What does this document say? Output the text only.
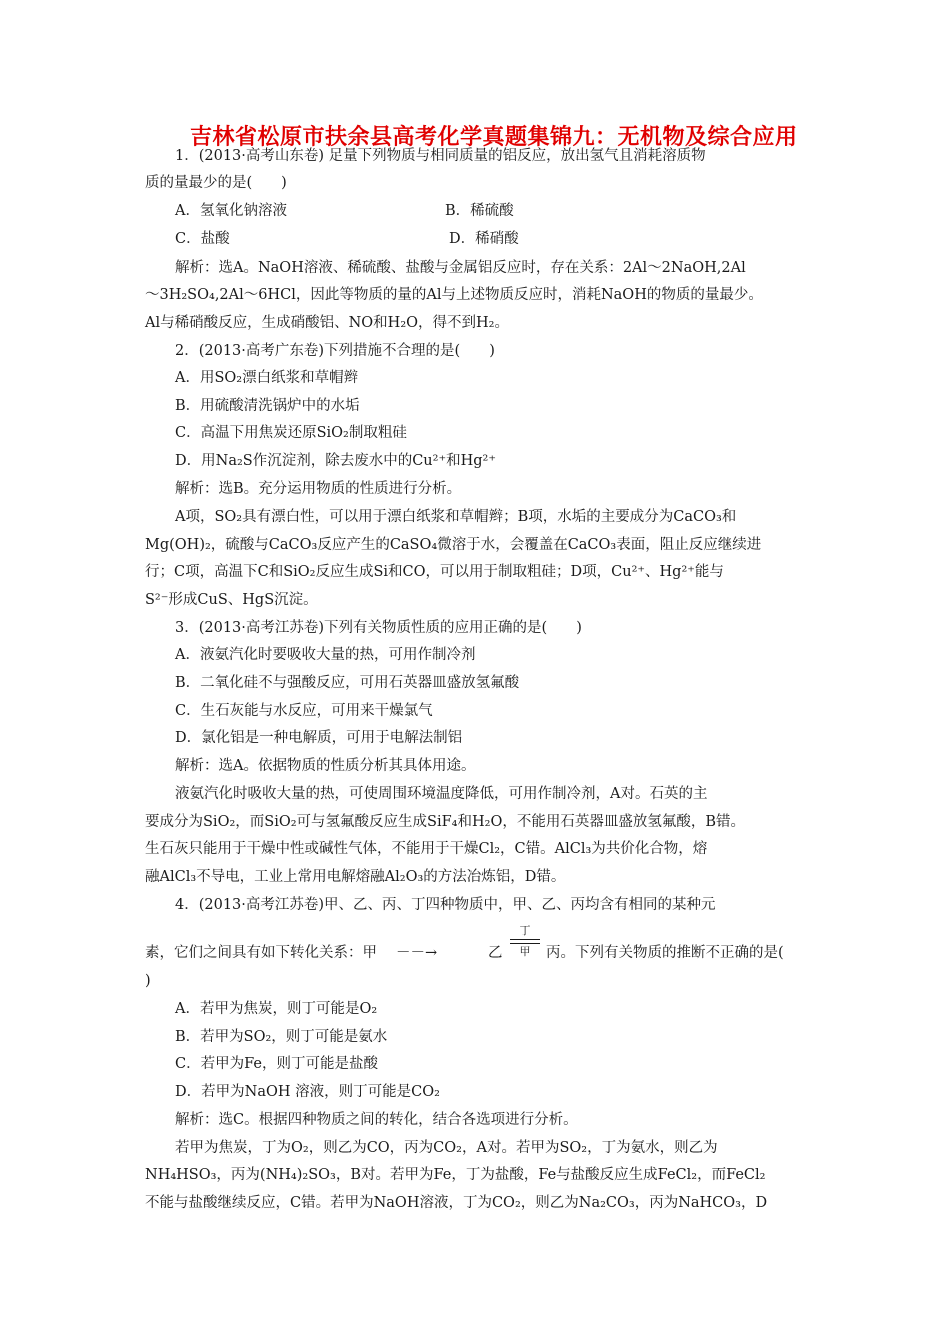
吉林省松原市扶余县高考化学真题集锦九：无机物及综合应用
1．(2013·高考山东卷) 足量下列物质与相同质量的铝反应，放出氢气且消耗溶质物
质的量最少的是(　　)
A．氢氧化钠溶液	B．稀硫酸
C．盐酸	D．稀硝酸
解析：选A。NaOH溶液、稀硫酸、盐酸与金属铝反应时，存在关系：2Al～2NaOH,2Al
～3H₂SO₄,2Al～6HCl，因此等物质的量的Al与上述物质反应时，消耗NaOH的物质的量最少。
Al与稀硝酸反应，生成硝酸铝、NO和H₂O，得不到H₂。
2．(2013·高考广东卷)下列措施不合理的是(　　)
A．用SO₂漂白纸浆和草帽辫
B．用硫酸清洗锅炉中的水垢
C．高温下用焦炭还原SiO₂制取粗硅
D．用Na₂S作沉淀剂，除去废水中的Cu²⁺和Hg²⁺
解析：选B。充分运用物质的性质进行分析。
A项，SO₂具有漂白性，可以用于漂白纸浆和草帽辫；B项，水垢的主要成分为CaCO₃和
Mg(OH)₂，硫酸与CaCO₃反应产生的CaSO₄微溶于水，会覆盖在CaCO₃表面，阻止反应继续进
行；C项，高温下C和SiO₂反应生成Si和CO，可以用于制取粗硅；D项，Cu²⁺、Hg²⁺能与
S²⁻形成CuS、HgS沉淀。
3．(2013·高考江苏卷)下列有关物质性质的应用正确的是(　　)
A．液氨汽化时要吸收大量的热，可用作制冷剂
B．二氧化硅不与强酸反应，可用石英器皿盛放氢氟酸
C．生石灰能与水反应，可用来干燥氯气
D．氯化铝是一种电解质，可用于电解法制铝
解析：选A。依据物质的性质分析其具体用途。
液氨汽化时吸收大量的热，可使周围环境温度降低，可用作制冷剂，A对。石英的主
要成分为SiO₂，而SiO₂可与氢氟酸反应生成SiF₄和H₂O，不能用石英器皿盛放氢氟酸，B错。
生石灰只能用于干燥中性或碱性气体，不能用于干燥Cl₂，C错。AlCl₃为共价化合物，熔
融AlCl₃不导电，工业上常用电解熔融Al₂O₃的方法冶炼铝，D错。
4．(2013·高考江苏卷)甲、乙、丙、丁四种物质中，甲、乙、丙均含有相同的某种元
素，它们之间具有如下转化关系：甲 －－→	乙
丁
甲	丙。下列有关物质的推断不正确的是(
)
A．若甲为焦炭，则丁可能是O₂
B．若甲为SO₂，则丁可能是氨水
C．若甲为Fe，则丁可能是盐酸
D．若甲为NaOH 溶液，则丁可能是CO₂
解析：选C。根据四种物质之间的转化，结合各选项进行分析。
若甲为焦炭，丁为O₂，则乙为CO，丙为CO₂，A对。若甲为SO₂，丁为氨水，则乙为
NH₄HSO₃，丙为(NH₄)₂SO₃，B对。若甲为Fe，丁为盐酸，Fe与盐酸反应生成FeCl₂，而FeCl₂
不能与盐酸继续反应，C错。若甲为NaOH溶液，丁为CO₂，则乙为Na₂CO₃，丙为NaHCO₃，D
